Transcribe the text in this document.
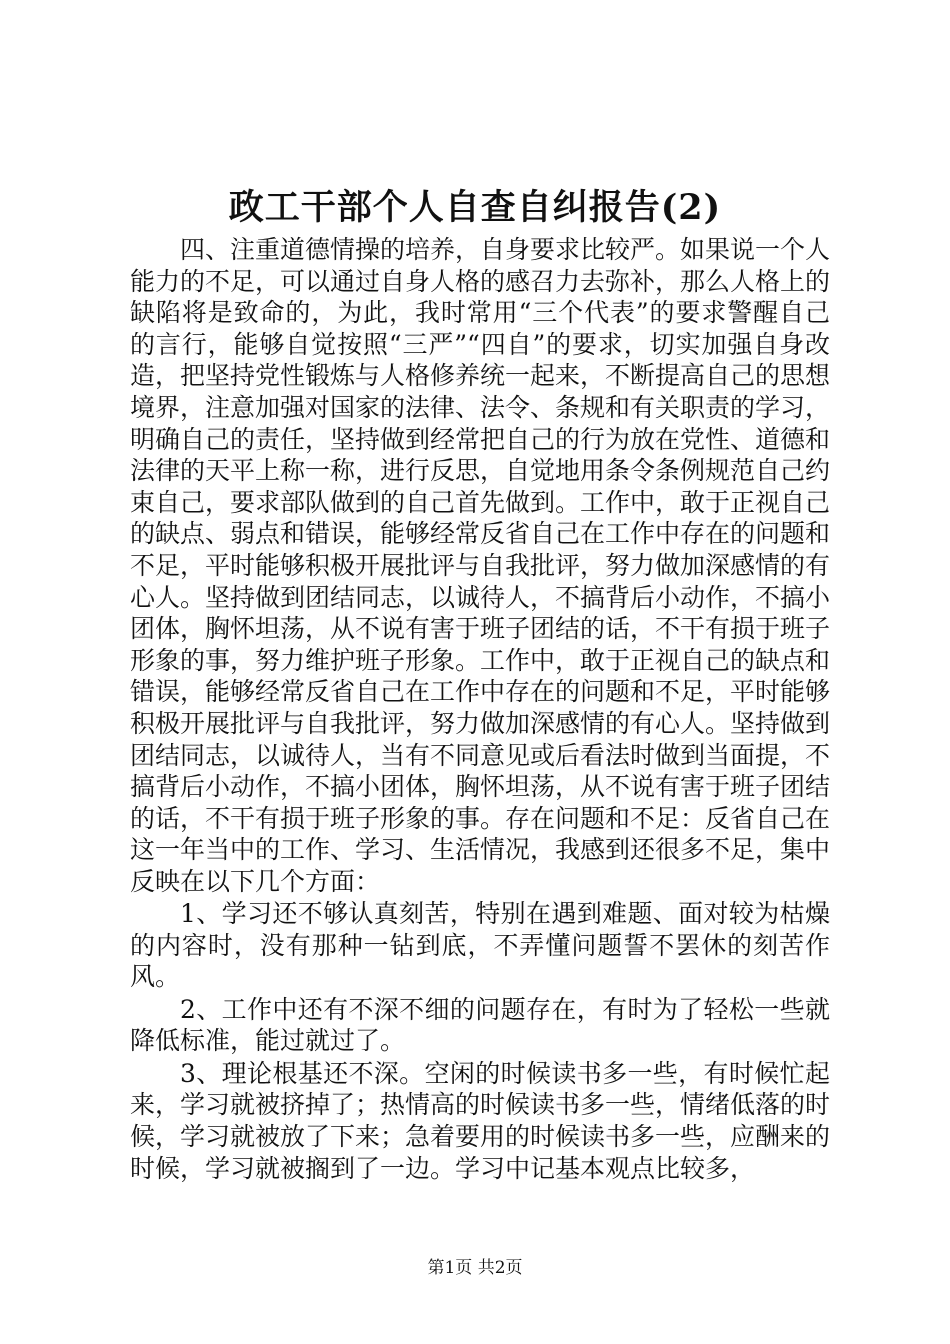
政工干部个人自查自纠报告(2)

四、注重道德情操的培养，自身要求比较严。如果说一个人能力的不足，可以通过自身人格的感召力去弥补，那么人格上的缺陷将是致命的，为此，我时常用“三个代表”的要求警醒自己的言行，能够自觉按照“三严”“四自”的要求，切实加强自身改造，把坚持党性锻炼与人格修养统一起来，不断提高自己的思想境界，注意加强对国家的法律、法令、条规和有关职责的学习，明确自己的责任，坚持做到经常把自己的行为放在党性、道德和法律的天平上称一称，进行反思，自觉地用条令条例规范自己约束自己，要求部队做到的自己首先做到。工作中，敢于正视自己的缺点、弱点和错误，能够经常反省自己在工作中存在的问题和不足，平时能够积极开展批评与自我批评，努力做加深感情的有心人。坚持做到团结同志，以诚待人，不搞背后小动作，不搞小团体，胸怀坦荡，从不说有害于班子团结的话，不干有损于班子形象的事，努力维护班子形象。工作中，敢于正视自己的缺点和错误，能够经常反省自己在工作中存在的问题和不足，平时能够积极开展批评与自我批评，努力做加深感情的有心人。坚持做到团结同志，以诚待人，当有不同意见或后看法时做到当面提，不搞背后小动作，不搞小团体，胸怀坦荡，从不说有害于班子团结的话，不干有损于班子形象的事。存在问题和不足：反省自己在这一年当中的工作、学习、生活情况，我感到还很多不足，集中反映在以下几个方面：

1、学习还不够认真刻苦，特别在遇到难题、面对较为枯燥的内容时，没有那种一钻到底，不弄懂问题誓不罢休的刻苦作风。

2、工作中还有不深不细的问题存在，有时为了轻松一些就降低标准，能过就过了。

3、理论根基还不深。空闲的时候读书多一些，有时候忙起来，学习就被挤掉了；热情高的时候读书多一些，情绪低落的时候，学习就被放了下来；急着要用的时候读书多一些，应酬来的时候，学习就被搁到了一边。学习中记基本观点比较多，

第1页 共2页
